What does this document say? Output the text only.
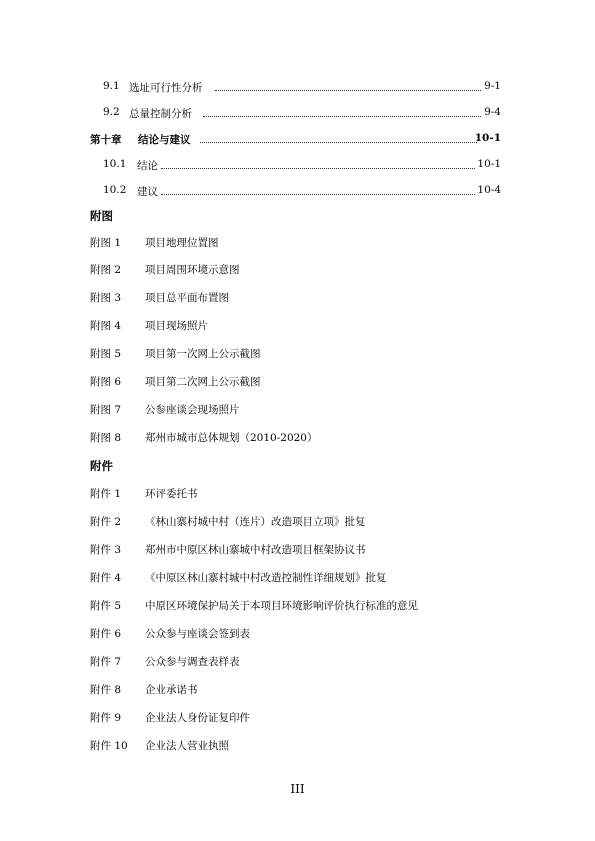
9.1 选址可行性分析	9-1
9.2 总量控制分析	9-4
第十章 结论与建议	10-1
10.1 结论	10-1
10.2 建议	10-4
附图
附图 1 项目地理位置图
附图 2 项目周围环境示意图
附图 3 项目总平面布置图
附图 4 项目现场照片
附图 5 项目第一次网上公示截图
附图 6 项目第二次网上公示截图
附图 7 公参座谈会现场照片
附图 8 郑州市城市总体规划（2010-2020）
附件
附件 1 环评委托书
附件 2 《林山寨村城中村（连片）改造项目立项》批复
附件 3 郑州市中原区林山寨城中村改造项目框架协议书
附件 4 《中原区林山寨村城中村改造控制性详细规划》批复
附件 5 中原区环境保护局关于本项目环境影响评价执行标准的意见
附件 6 公众参与座谈会签到表
附件 7 公众参与调查表样表
附件 8 企业承诺书
附件 9 企业法人身份证复印件
附件 10 企业法人营业执照
III
